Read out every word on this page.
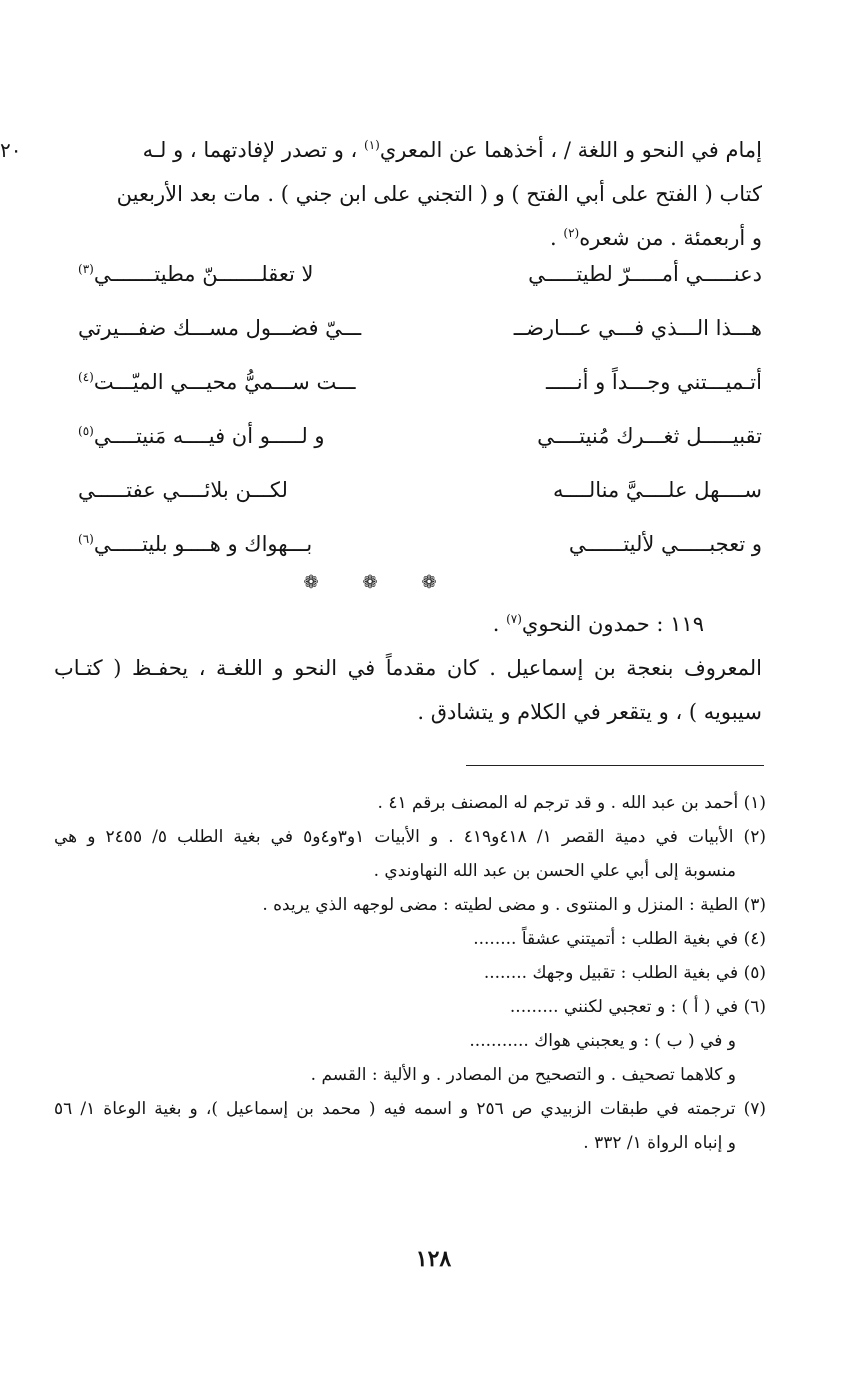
٢٠	إمام في النحو و اللغة / ، أخذهما عن المعري$^{(١)}$ ، و تصدر لإفادتهما ، و لـه
كتاب ( الفتح على أبي الفتح ) و ( التجني على ابن جني ) . مات بعد الأربعين
و أربعمئة . من شعره$^{(٢)}$ .
دعنـــــي أمـــــرّ لطيتـــــي
لا تعقلـــــــنّ مطيتـــــــي$^{(٣)}$
هـــذا الـــذي فـــي عـــارضــ
ـــيّ فضـــول مســـك ضفـــيرتي
أتـميـــتني وجـــداً و أنـــــ
ـــت ســـميُّ محيـــي الميّـــت$^{(٤)}$
تقبيـــــل ثغـــرك مُنيتــــي
و لـــــو أن فيــــه مَنيتــــي$^{(٥)}$
ســــهل علــــيَّ منالــــه
لكـــن بلائــــي عفتـــــي
و تعجبـــــي لأليتــــــي
بـــهواك و هــــو بليتـــــي$^{(٦)}$
❁ ❁ ❁
١١٩ : حمدون النحوي$^{(٧)}$ .
المعروف بنعجة بن إسماعيل . كان مقدماً في النحو و اللغـة ، يحفـظ ( كتـاب
سيبويه ) ، و يتقعر في الكلام و يتشادق .
(١) أحمد بن عبد الله . و قد ترجم له المصنف برقم ٤١ .
(٢) الأبيات في دمية القصر ١/ ٤١٨و٤١٩ . و الأبيات ١و٣و٤و٥ في بغية الطلب ٥/ ٢٤٥٥ و هي
منسوبة إلى أبي علي الحسن بن عبد الله النهاوندي .
(٣) الطية : المنزل و المنتوى . و مضى لطيته : مضى لوجهه الذي يريده .
(٤) في بغية الطلب : أتميتني عشقاً ........
(٥) في بغية الطلب : تقبيل وجهك ........
(٦) في ( أ ) : و تعجبي لكنني .........
و في ( ب ) : و يعجبني هواك ...........
و كلاهما تصحيف . و التصحيح من المصادر . و الألية : القسم .
(٧) ترجمته في طبقات الزبيدي ص ٢٥٦ و اسمه فيه ( محمد بن إسماعيل )، و بغية الوعاة ١/ ٥٦
و إنباه الرواة ١/ ٣٣٢ .
١٢٨
